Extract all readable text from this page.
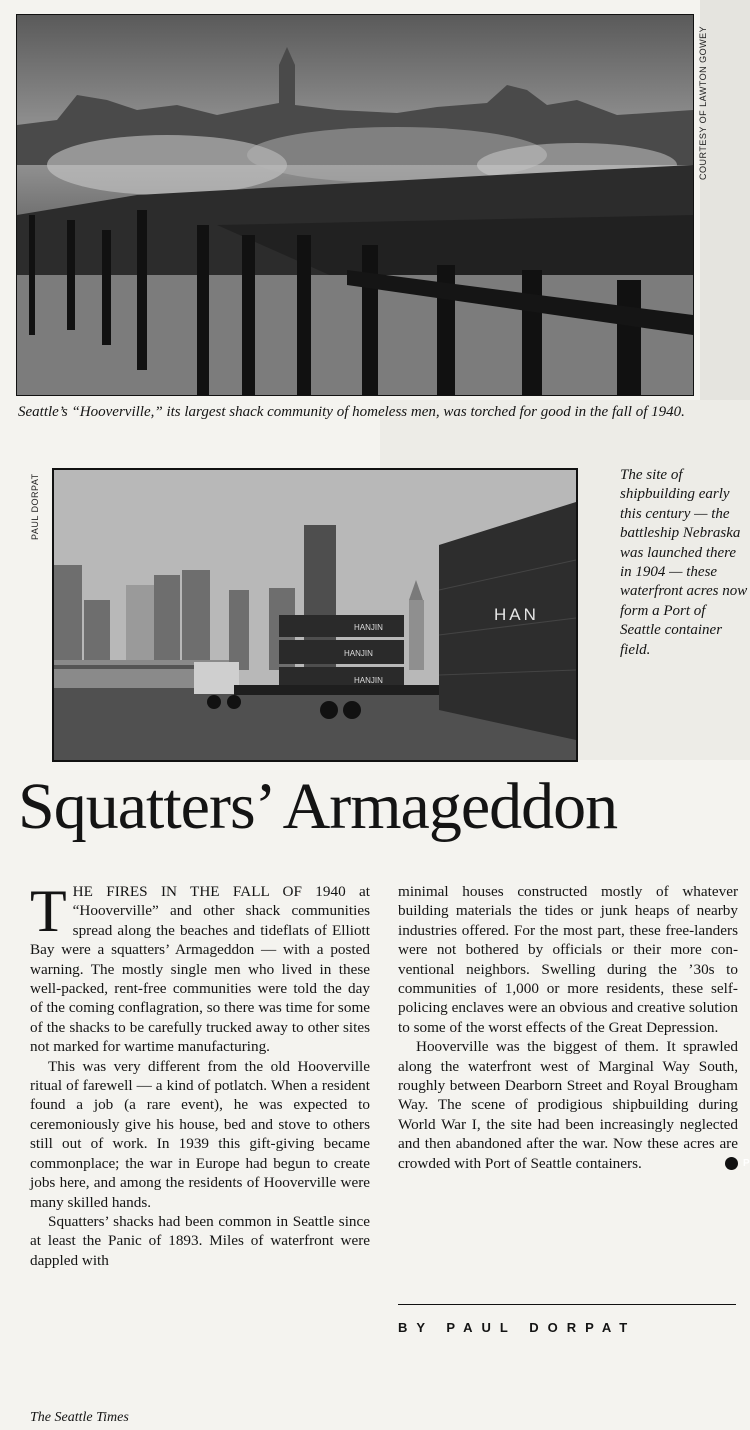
COURTESY OF LAWTON GOWEY
Seattle’s “Hooverville,” its largest shack community of homeless men, was torched for good in the fall of 1940.
PAUL DORPAT
HANJIN
HANJIN
HANJIN
HAN
The site of shipbuilding early this century — the battleship Nebraska was launched there in 1904 — these waterfront acres now form a Port of Seattle container field.
Squatters’ Armageddon

THE FIRES IN THE FALL OF 1940 at “Hooverville” and other shack communities spread along the beaches and tideflats of Elliott Bay were a squatters’ Armageddon — with a posted warning. The mostly single men who lived in these well-packed, rent-free communities were told the day of the coming conflagration, so there was time for some of the shacks to be carefully trucked away to other sites not marked for wartime manufacturing.

This was very different from the old Hooverville ritual of farewell — a kind of potlatch. When a resident found a job (a rare event), he was expected to ceremoniously give his house, bed and stove to others still out of work. In 1939 this gift-giving became commonplace; the war in Europe had begun to create jobs here, and among the residents of Hooverville were many skilled hands.

Squatters’ shacks had been common in Seattle since at least the Panic of 1893. Miles of waterfront were dappled with

minimal houses constructed mostly of whatever building materials the tides or junk heaps of nearby industries offered. For the most part, these free-landers were not bothered by officials or their more conventional neighbors. Swelling during the ’30s to communities of 1,000 or more residents, these self-policing enclaves were an obvious and creative solution to some of the worst effects of the Great Depression.

Hooverville was the biggest of them. It sprawled along the waterfront west of Marginal Way South, roughly between Dearborn Street and Royal Brougham Way. The scene of prodigious shipbuilding during World War I, the site had been increasingly neglected and then abandoned after the war. Now these acres are crowded with Port of Seattle containers.	P

BY PAUL DORPAT
The Seattle Times
